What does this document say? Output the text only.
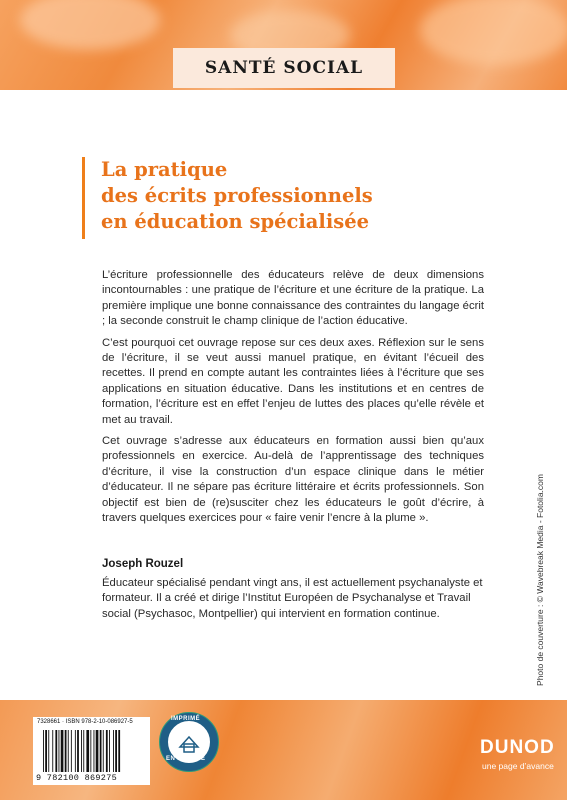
SANTÉ SOCIAL
La pratique
des écrits professionnels
en éducation spécialisée

L’écriture professionnelle des éducateurs relève de deux dimensions incontournables : une pratique de l’écriture et une écriture de la pratique. La première implique une bonne connaissance des contraintes du langage écrit ; la seconde construit le champ clinique de l’action éducative.

C’est pourquoi cet ouvrage repose sur ces deux axes. Réflexion sur le sens de l’écriture, il se veut aussi manuel pratique, en évitant l’écueil des recettes. Il prend en compte autant les contraintes liées à l’écriture que ses applications en situation éducative. Dans les institutions et en centres de formation, l’écriture est en effet l’enjeu de luttes des places qu’elle révèle et met au travail.

Cet ouvrage s’adresse aux éducateurs en formation aussi bien qu’aux professionnels en exercice. Au-delà de l’apprentissage des techniques d’écriture, il vise la construction d’un espace clinique dans le métier d’éducateur. Il ne sépare pas écriture littéraire et écrits professionnels. Son objectif est bien de (re)susciter chez les éducateurs le goût d’écrire, à travers quelques exercices pour « faire venir l’encre à la plume ».

Joseph Rouzel
Éducateur spécialisé pendant vingt ans, il est actuellement psychanalyste et formateur. Il a créé et dirige l’Institut Européen de Psychanalyse et Travail social (Psychasoc, Montpellier) qui intervient en formation continue.	Photo de couverture : © Wavebreak Media - Fotolia.com
7328661 · ISBN 978-2-10-086927-5
9 782100 869275
IMPRIMÉ
EN FRANCE
DUNOD
une page d’avance
